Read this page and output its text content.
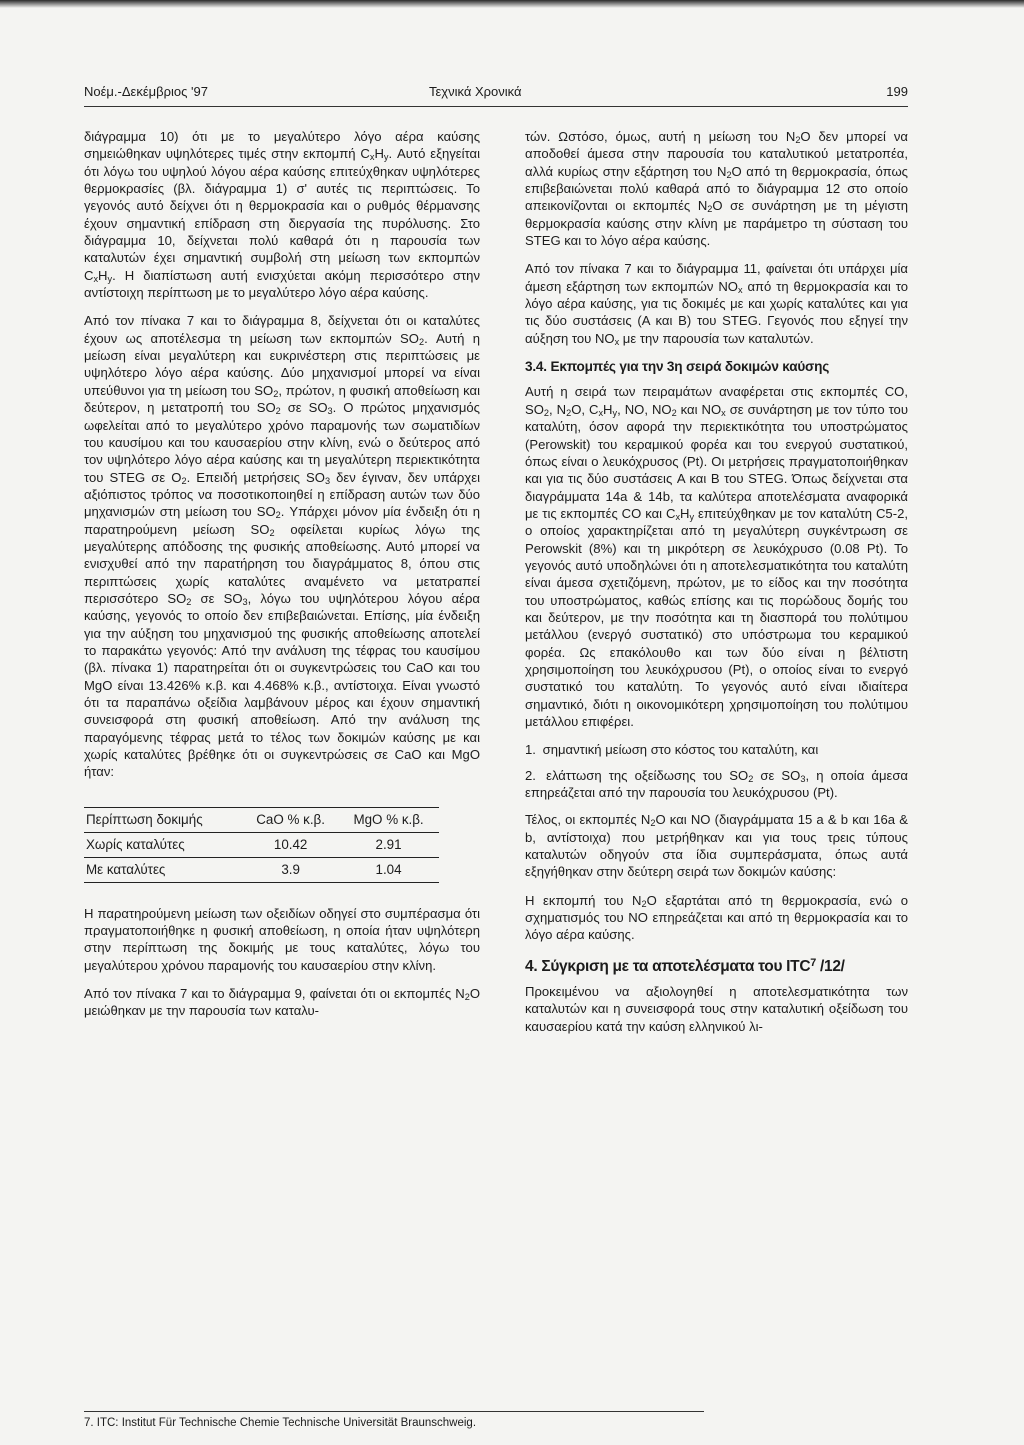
Νοέμ.-Δεκέμβριος '97	Τεχνικά Χρονικά	199

διάγραμμα 10) ότι με το μεγαλύτερο λόγο αέρα καύσης σημειώθηκαν υψηλότερες τιμές στην εκπομπή $C_xH_y$. Αυτό εξηγείται ότι λόγω του υψηλού λόγου αέρα καύσης επιτεύχθηκαν υψηλότερες θερμοκρασίες (βλ. διάγραμμα 1) σ' αυτές τις περιπτώσεις. Το γεγονός αυτό δείχνει ότι η θερμοκρασία και ο ρυθμός θέρμανσης έχουν σημαντική επίδραση στη διεργασία της πυρόλυσης. Στο διάγραμμα 10, δείχνεται πολύ καθαρά ότι η παρουσία των καταλυτών έχει σημαντική συμβολή στη μείωση των εκπομπών $C_xH_y$. Η διαπίστωση αυτή ενισχύεται ακόμη περισσότερο στην αντίστοιχη περίπτωση με το μεγαλύτερο λόγο αέρα καύσης.

Από τον πίνακα 7 και το διάγραμμα 8, δείχνεται ότι οι καταλύτες έχουν ως αποτέλεσμα τη μείωση των εκπομπών $SO_2$. Αυτή η μείωση είναι μεγαλύτερη και ευκρινέστερη στις περιπτώσεις με υψηλότερο λόγο αέρα καύσης. Δύο μηχανισμοί μπορεί να είναι υπεύθυνοι για τη μείωση του $SO_2$, πρώτον, η φυσική αποθείωση και δεύτερον, η μετατροπή του $SO_2$ σε $SO_3$. Ο πρώτος μηχανισμός ωφελείται από το μεγαλύτερο χρόνο παραμονής των σωματιδίων του καυσίμου και του καυσαερίου στην κλίνη, ενώ ο δεύτερος από τον υψηλότερο λόγο αέρα καύσης και τη μεγαλύτερη περιεκτικότητα του STEG σε $O_2$. Επειδή μετρήσεις $SO_3$ δεν έγιναν, δεν υπάρχει αξιόπιστος τρόπος να ποσοτικοποιηθεί η επίδραση αυτών των δύο μηχανισμών στη μείωση του $SO_2$. Υπάρχει μόνον μία ένδειξη ότι η παρατηρούμενη μείωση $SO_2$ οφείλεται κυρίως λόγω της μεγαλύτερης απόδοσης της φυσικής αποθείωσης. Αυτό μπορεί να ενισχυθεί από την παρατήρηση του διαγράμματος 8, όπου στις περιπτώσεις χωρίς καταλύτες αναμένετο να μετατραπεί περισσότερο $SO_2$ σε $SO_3$, λόγω του υψηλότερου λόγου αέρα καύσης, γεγονός το οποίο δεν επιβεβαιώνεται. Επίσης, μία ένδειξη για την αύξηση του μηχανισμού της φυσικής αποθείωσης αποτελεί το παρακάτω γεγονός: Από την ανάλυση της τέφρας του καυσίμου (βλ. πίνακα 1) παρατηρείται ότι οι συγκεντρώσεις του CaO και του MgO είναι 13.426% κ.β. και 4.468% κ.β., αντίστοιχα. Είναι γνωστό ότι τα παραπάνω οξείδια λαμβάνουν μέρος και έχουν σημαντική συνεισφορά στη φυσική αποθείωση. Από την ανάλυση της παραγόμενης τέφρας μετά το τέλος των δοκιμών καύσης με και χωρίς καταλύτες βρέθηκε ότι οι συγκεντρώσεις σε CaO και MgO ήταν:

Περίπτωση δοκιμής	CaO % κ.β.	MgO % κ.β.
Χωρίς καταλύτες	10.42	2.91
Με καταλύτες	3.9	1.04

Η παρατηρούμενη μείωση των οξειδίων οδηγεί στο συμπέρασμα ότι πραγματοποιήθηκε η φυσική αποθείωση, η οποία ήταν υψηλότερη στην περίπτωση της δοκιμής με τους καταλύτες, λόγω του μεγαλύτερου χρόνου παραμονής του καυσαερίου στην κλίνη.

Από τον πίνακα 7 και το διάγραμμα 9, φαίνεται ότι οι εκπομπές $N_2O$ μειώθηκαν με την παρουσία των καταλυ-

τών. Ωστόσο, όμως, αυτή η μείωση του $N_2O$ δεν μπορεί να αποδοθεί άμεσα στην παρουσία του καταλυτικού μετατροπέα, αλλά κυρίως στην εξάρτηση του $N_2O$ από τη θερμοκρασία, όπως επιβεβαιώνεται πολύ καθαρά από το διάγραμμα 12 στο οποίο απεικονίζονται οι εκπομπές $N_2O$ σε συνάρτηση με τη μέγιστη θερμοκρασία καύσης στην κλίνη με παράμετρο τη σύσταση του STEG και το λόγο αέρα καύσης.

Από τον πίνακα 7 και το διάγραμμα 11, φαίνεται ότι υπάρχει μία άμεση εξάρτηση των εκπομπών $NO_x$ από τη θερμοκρασία και το λόγο αέρα καύσης, για τις δοκιμές με και χωρίς καταλύτες και για τις δύο συστάσεις (A και B) του STEG. Γεγονός που εξηγεί την αύξηση του $NO_x$ με την παρουσία των καταλυτών.

3.4. Εκπομπές για την 3η σειρά δοκιμών καύσης

Αυτή η σειρά των πειραμάτων αναφέρεται στις εκπομπές CO, $SO_2$, $N_2O$, $C_xH_y$, NO, $NO_2$ και $NO_x$ σε συνάρτηση με τον τύπο του καταλύτη, όσον αφορά την περιεκτικότητα του υποστρώματος (Perowskit) του κεραμικού φορέα και του ενεργού συστατικού, όπως είναι ο λευκόχρυσος (Pt). Οι μετρήσεις πραγματοποιήθηκαν και για τις δύο συστάσεις A και B του STEG. Όπως δείχνεται στα διαγράμματα 14a & 14b, τα καλύτερα αποτελέσματα αναφορικά με τις εκπομπές CO και $C_xH_y$ επιτεύχθηκαν με τον καταλύτη C5-2, ο οποίος χαρακτηρίζεται από τη μεγαλύτερη συγκέντρωση σε Perowskit (8%) και τη μικρότερη σε λευκόχρυσο (0.08 Pt). Το γεγονός αυτό υποδηλώνει ότι η αποτελεσματικότητα του καταλύτη είναι άμεσα σχετιζόμενη, πρώτον, με το είδος και την ποσότητα του υποστρώματος, καθώς επίσης και τις πορώδους δομής του και δεύτερον, με την ποσότητα και τη διασπορά του πολύτιμου μετάλλου (ενεργό συστατικό) στο υπόστρωμα του κεραμικού φορέα. Ως επακόλουθο και των δύο είναι η βέλτιστη χρησιμοποίηση του λευκόχρυσου (Pt), ο οποίος είναι το ενεργό συστατικό του καταλύτη. Το γεγονός αυτό είναι ιδιαίτερα σημαντικό, διότι η οικονομικότερη χρησιμοποίηση του πολύτιμου μετάλλου επιφέρει.

1. σημαντική μείωση στο κόστος του καταλύτη, και
2. ελάττωση της οξείδωσης του $SO_2$ σε $SO_3$, η οποία άμεσα επηρεάζεται από την παρουσία του λευκόχρυσου (Pt).

Τέλος, οι εκπομπές $N_2O$ και NO (διαγράμματα 15 a & b και 16a & b, αντίστοιχα) που μετρήθηκαν και για τους τρεις τύπους καταλυτών οδηγούν στα ίδια συμπεράσματα, όπως αυτά εξηγήθηκαν στην δεύτερη σειρά των δοκιμών καύσης:

Η εκπομπή του $N_2O$ εξαρτάται από τη θερμοκρασία, ενώ ο σχηματισμός του NO επηρεάζεται και από τη θερμοκρασία και το λόγο αέρα καύσης.

4. Σύγκριση με τα αποτελέσματα του ITC$^7$ /12/

Προκειμένου να αξιολογηθεί η αποτελεσματικότητα των καταλυτών και η συνεισφορά τους στην καταλυτική οξείδωση του καυσαερίου κατά την καύση ελληνικού λι-

7. ITC: Institut Für Technische Chemie Technische Universität Braunschweig.
